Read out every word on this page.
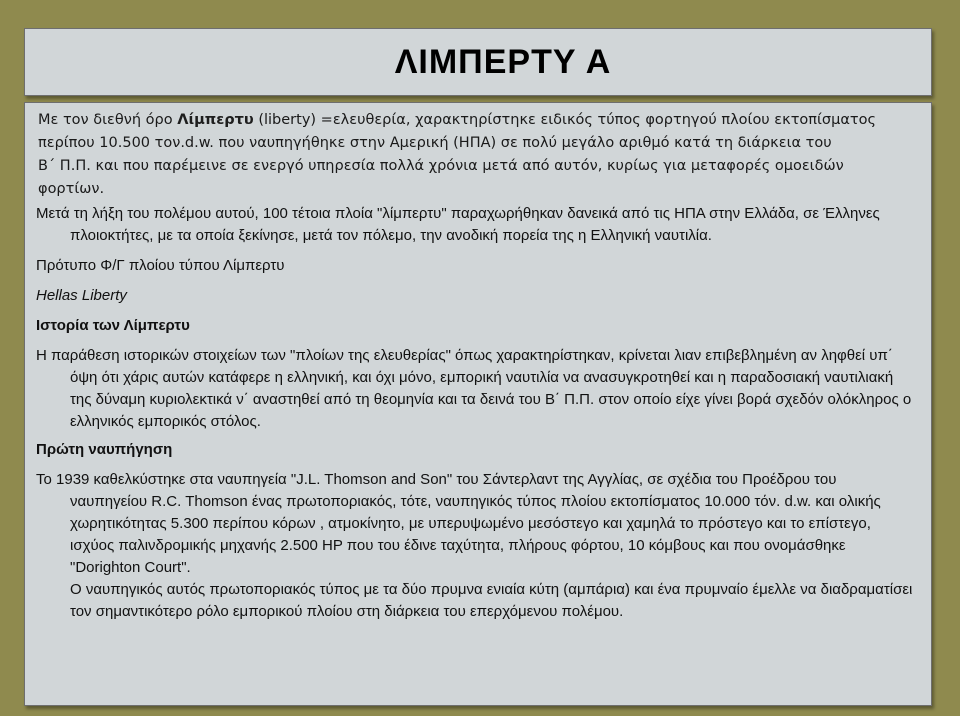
ΛΙΜΠΕΡΤΥ Α
Με τον διεθνή όρο Λίμπερτυ (liberty) =ελευθερία, χαρακτηρίστηκε ειδικός τύπος φορτηγού πλοίου εκτοπίσματος
περίπου 10.500 τον.d.w. που ναυπηγήθηκε στην Αμερική (ΗΠΑ) σε πολύ μεγάλο αριθμό κατά τη διάρκεια του
Β΄ Π.Π. και που παρέμεινε σε ενεργό υπηρεσία πολλά χρόνια μετά από αυτόν, κυρίως για μεταφορές ομοειδών
φορτίων.

Μετά τη λήξη του πολέμου αυτού, 100 τέτοια πλοία "λίμπερτυ" παραχωρήθηκαν δανεικά από τις ΗΠΑ στην Ελλάδα, σε Έλληνες πλοιοκτήτες, με τα οποία ξεκίνησε, μετά τον πόλεμο, την ανοδική πορεία της η Ελληνική ναυτιλία.

Πρότυπο Φ/Γ πλοίου τύπου Λίμπερτυ

Hellas Liberty

Ιστορία των Λίμπερτυ

Η παράθεση ιστορικών στοιχείων των "πλοίων της ελευθερίας" όπως χαρακτηρίστηκαν, κρίνεται λιαν επιβεβλημένη αν ληφθεί υπ΄ όψη ότι χάρις αυτών κατάφερε η ελληνική, και όχι μόνο, εμπορική ναυτιλία να ανασυγκροτηθεί και η παραδοσιακή ναυτιλιακή της δύναμη κυριολεκτικά ν΄ αναστηθεί από τη θεομηνία και τα δεινά του Β΄ Π.Π. στον οποίο είχε γίνει βορά σχεδόν ολόκληρος ο ελληνικός εμπορικός στόλος.

Πρώτη ναυπήγηση

Το 1939 καθελκύστηκε στα ναυπηγεία "J.L. Thomson and Son" του Σάντερλαντ της Αγγλίας, σε σχέδια του Προέδρου του ναυπηγείου R.C. Thomson ένας πρωτοποριακός, τότε, ναυπηγικός τύπος πλοίου εκτοπίσματος 10.000 τόν. d.w. και ολικής χωρητικότητας 5.300 περίπου κόρων , ατμοκίνητο, με υπερυψωμένο μεσόστεγο και χαμηλά το πρόστεγο και το επίστεγο, ισχύος παλινδρομικής μηχανής 2.500 HP που του έδινε ταχύτητα, πλήρους φόρτου, 10 κόμβους και που ονομάσθηκε "Dorighton Court".

Ο ναυπηγικός αυτός πρωτοποριακός τύπος με τα δύο πρυμνα ενιαία κύτη (αμπάρια) και ένα πρυμναίο έμελλε να διαδραματίσει τον σημαντικότερο ρόλο εμπορικού πλοίου στη διάρκεια του επερχόμενου πολέμου.
